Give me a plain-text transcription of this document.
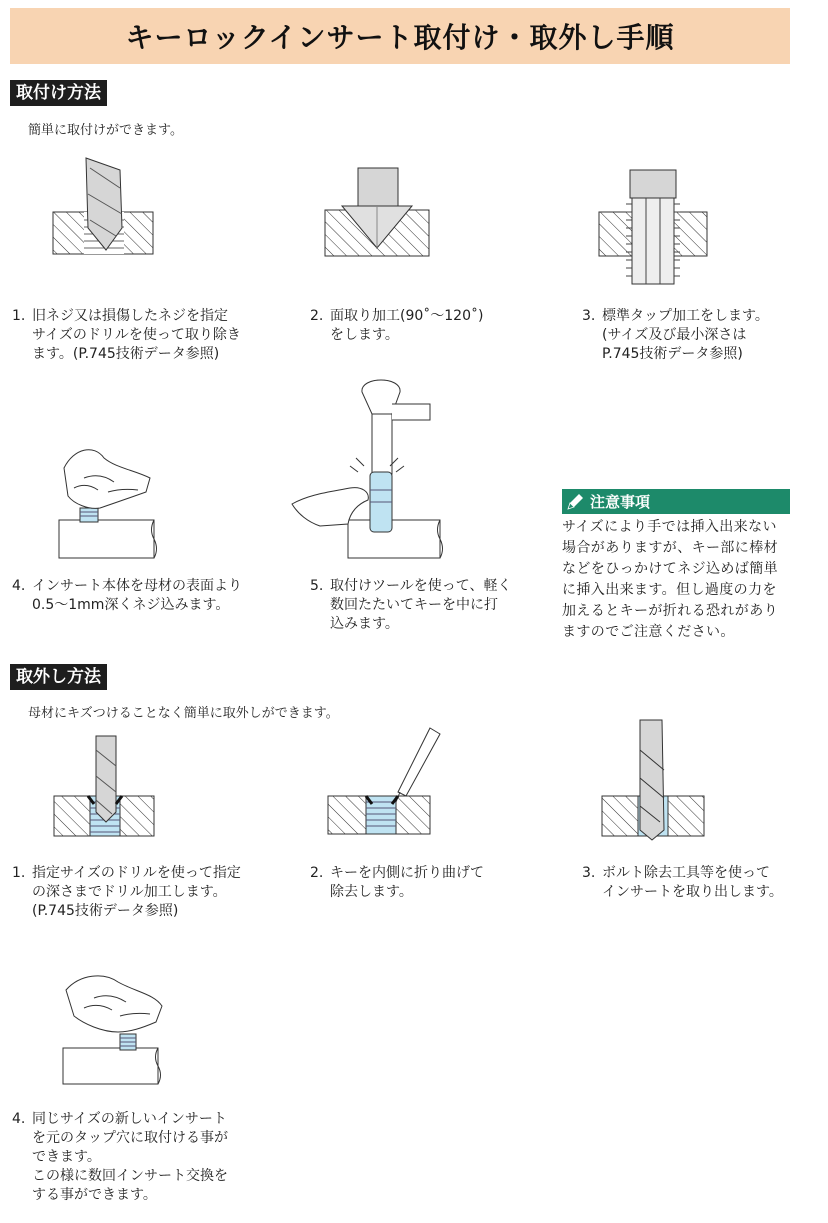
キーロックインサート取付け・取外し手順
取付け方法
簡単に取付けができます。
1. 旧ネジ又は損傷したネジを指定
サイズのドリルを使って取り除き
ます。(P.745技術データ参照)
2. 面取り加工(90˚〜120˚)
をします。
3. 標準タップ加工をします。
(サイズ及び最小深さは
P.745技術データ参照)
4. インサート本体を母材の表面より
0.5〜1mm深くネジ込みます。
5. 取付けツールを使って、軽く
数回たたいてキーを中に打
込みます。
注意事項
サイズにより手では挿入出来ない
場合がありますが、キー部に棒材
などをひっかけてネジ込めば簡単
に挿入出来ます。但し過度の力を
加えるとキーが折れる恐れがあり
ますのでご注意ください。
取外し方法
母材にキズつけることなく簡単に取外しができます。
1. 指定サイズのドリルを使って指定
の深さまでドリル加工します。
(P.745技術データ参照)
2. キーを内側に折り曲げて
除去します。
3. ボルト除去工具等を使って
インサートを取り出します。
4. 同じサイズの新しいインサート
を元のタップ穴に取付ける事が
できます。
この様に数回インサート交換を
する事ができます。
